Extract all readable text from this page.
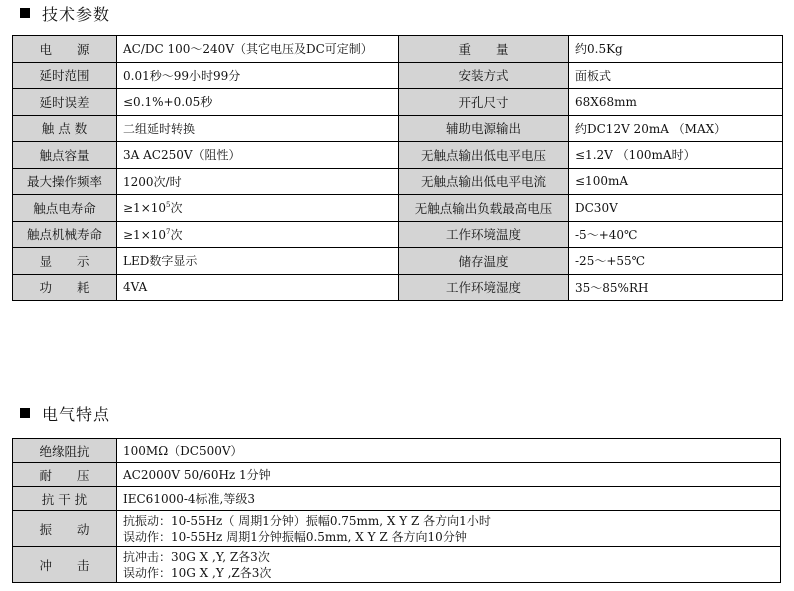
技术参数
电　　源	AC/DC 100～240V（其它电压及DC可定制）	重　　量	约0.5Kg
延时范围	0.01秒～99小时99分	安装方式	面板式
延时误差	≤0.1%+0.05秒	开孔尺寸	68X68mm
触 点 数	二组延时转换	辅助电源输出	约DC12V 20mA （MAX）
触点容量	3A AC250V（阻性）	无触点输出低电平电压	≤1.2V （100mA时）
最大操作频率	1200次/时	无触点输出低电平电流	≤100mA
触点电寿命	$\ge 1\times 10^5$次	无触点输出负载最高电压	DC30V
触点机械寿命	$\ge 1\times 10^7$次	工作环境温度	-5～+40℃
显　　示	LED数字显示	储存温度	-25～+55℃
功　　耗	4VA	工作环境湿度	35～85%RH
电气特点
绝缘阻抗	100MΩ（DC500V）

耐　　压	AC2000V 50/60Hz 1分钟

抗 干 扰	IEC61000-4标准,等级3

振　　动	抗振动：10-55Hz（ 周期1分钟）振幅0.75mm, X Y Z 各方向1小时
误动作：10-55Hz 周期1分钟振幅0.5mm, X Y Z 各方向10分钟

冲　　击	抗冲击：30G X ,Y, Z各3次
误动作：10G X ,Y ,Z各3次
